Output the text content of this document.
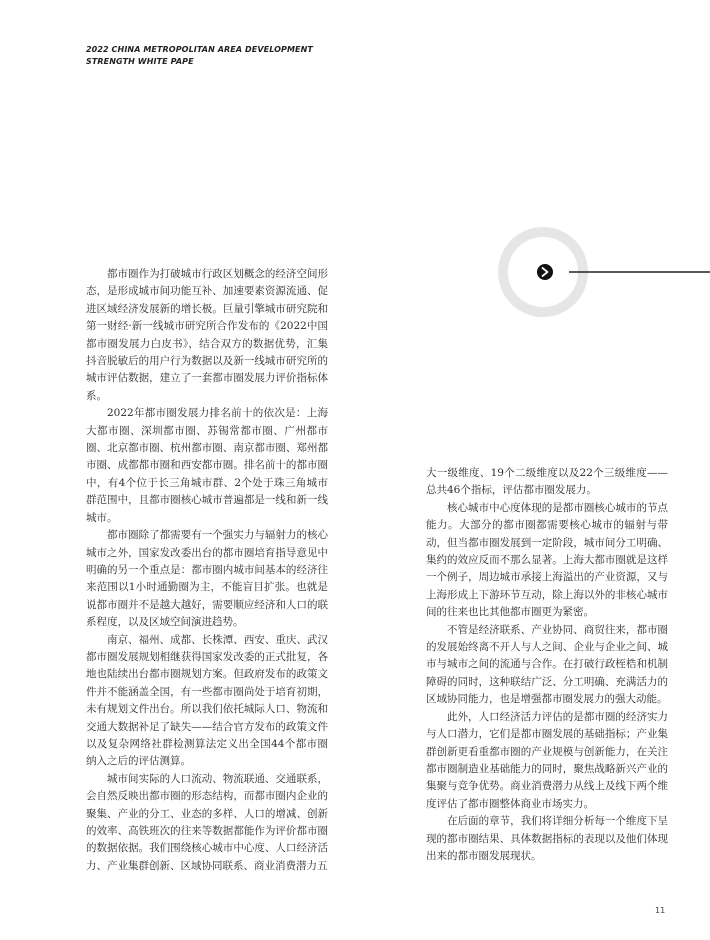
2022 CHINA METROPOLITAN AREA DEVELOPMENT
STRENGTH WHITE PAPE

都市圈作为打破城市行政区划概念的经济空间形态，是形成城市间功能互补、加速要素资源流通、促进区域经济发展新的增长极。巨量引擎城市研究院和第一财经·新一线城市研究所合作发布的《2022中国都市圈发展力白皮书》，结合双方的数据优势，汇集抖音脱敏后的用户行为数据以及新一线城市研究所的城市评估数据，建立了一套都市圈发展力评价指标体系。

2022年都市圈发展力排名前十的依次是：上海大都市圈、深圳都市圈、苏锡常都市圈、广州都市圈、北京都市圈、杭州都市圈、南京都市圈、郑州都市圈、成都都市圈和西安都市圈。排名前十的都市圈中，有4个位于长三角城市群、2个处于珠三角城市群范围中，且都市圈核心城市普遍都是一线和新一线城市。

都市圈除了都需要有一个强实力与辐射力的核心城市之外，国家发改委出台的都市圈培育指导意见中明确的另一个重点是：都市圈内城市间基本的经济往来范围以1小时通勤圈为主，不能盲目扩张。也就是说都市圈并不是越大越好，需要顺应经济和人口的联系程度，以及区域空间演进趋势。

南京、福州、成都、长株潭、西安、重庆、武汉都市圈发展规划相继获得国家发改委的正式批复，各地也陆续出台都市圈规划方案。但政府发布的政策文件并不能涵盖全国，有一些都市圈尚处于培育初期，未有规划文件出台。所以我们依托城际人口、物流和交通大数据补足了缺失——结合官方发布的政策文件以及复杂网络社群检测算法定义出全国44个都市圈纳入之后的评估测算。

城市间实际的人口流动、物流联通、交通联系，会自然反映出都市圈的形态结构，而都市圈内企业的聚集、产业的分工、业态的多样、人口的增减、创新的效率、高铁班次的往来等数据都能作为评价都市圈的数据依据。我们围绕核心城市中心度、人口经济活力、产业集群创新、区域协同联系、商业消费潜力五

大一级维度、19个二级维度以及22个三级维度——总共46个指标，评估都市圈发展力。

核心城市中心度体现的是都市圈核心城市的节点能力。大部分的都市圈都需要核心城市的辐射与带动，但当都市圈发展到一定阶段，城市间分工明确、集约的效应反而不那么显著。上海大都市圈就是这样一个例子，周边城市承接上海溢出的产业资源，又与上海形成上下游环节互动，除上海以外的非核心城市间的往来也比其他都市圈更为紧密。

不管是经济联系、产业协同、商贸往来，都市圈的发展始终离不开人与人之间、企业与企业之间、城市与城市之间的流通与合作。在打破行政桎梏和机制障碍的同时，这种联结广泛、分工明确、充满活力的区域协同能力，也是增强都市圈发展力的强大动能。

此外，人口经济活力评估的是都市圈的经济实力与人口潜力，它们是都市圈发展的基础指标；产业集群创新更看重都市圈的产业规模与创新能力，在关注都市圈制造业基础能力的同时，聚焦战略新兴产业的集聚与竞争优势。商业消费潜力从线上及线下两个维度评估了都市圈整体商业市场实力。

在后面的章节，我们将详细分析每一个维度下呈现的都市圈结果、具体数据指标的表现以及他们体现出来的都市圈发展现状。

11
